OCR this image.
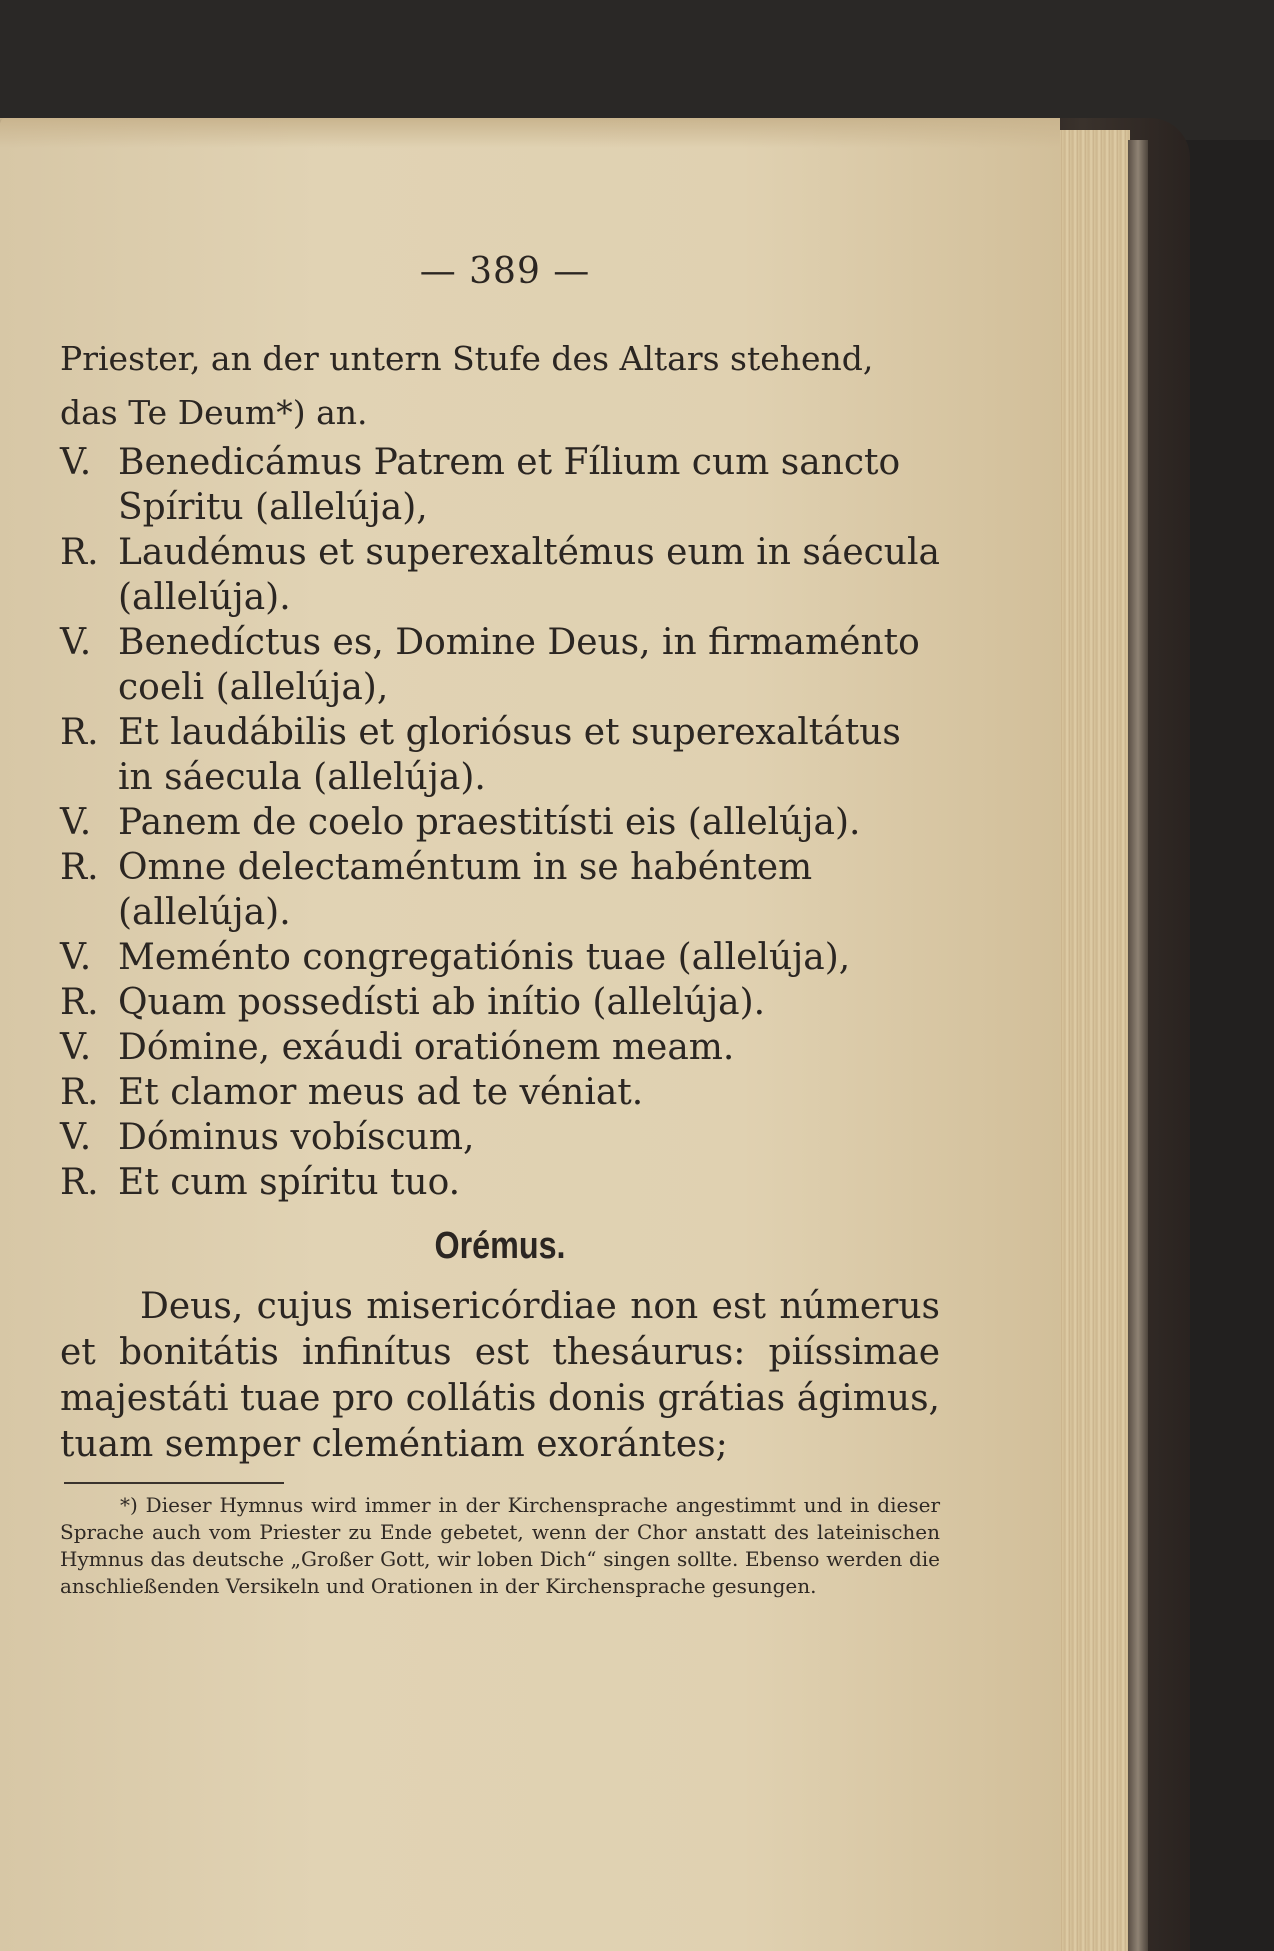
— 389 —

Priester, an der untern Stufe des Altars stehend, das Te Deum*) an.

V. Benedicámus Patrem et Fílium cum sancto Spíritu (allelúja),
R. Laudémus et superexaltémus eum in sáecula (allelúja).
V. Benedíctus es, Domine Deus, in firmaménto coeli (allelúja),
R. Et laudábilis et gloriósus et superexaltátus in sáecula (allelúja).
V. Panem de coelo praestitísti eis (allelúja).
R. Omne delectaméntum in se habéntem (allelúja).
V. Meménto congregatiónis tuae (allelúja),
R. Quam possedísti ab inítio (allelúja).
V. Dómine, exáudi oratiónem meam.
R. Et clamor meus ad te véniat.
V. Dóminus vobíscum,
R. Et cum spíritu tuo.
Orémus.

Deus, cujus misericórdiae non est númerus et bonitátis infinítus est thesáurus: piíssimae majestáti tuae pro collátis donis grátias ágimus, tuam semper cleméntiam exorántes;

*) Dieser Hymnus wird immer in der Kirchensprache angestimmt und in dieser Sprache auch vom Priester zu Ende gebetet, wenn der Chor anstatt des lateinischen Hymnus das deutsche „Großer Gott, wir loben Dich“ singen sollte. Ebenso werden die anschließenden Versikeln und Orationen in der Kirchensprache gesungen.
